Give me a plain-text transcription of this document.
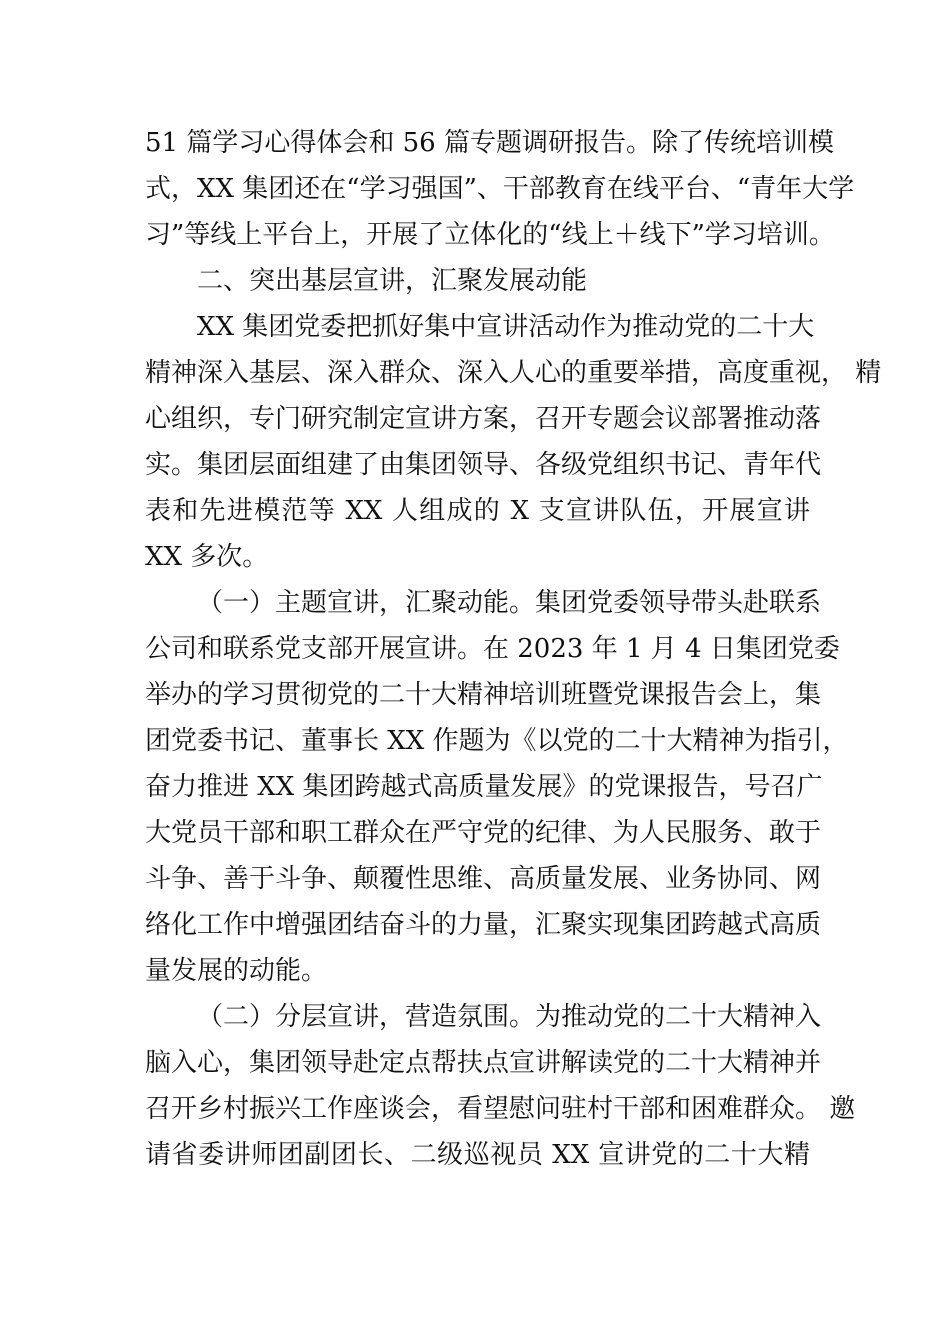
51 篇学习心得体会和 56 篇专题调研报告。除了传统培训模
式，XX 集团还在“学习强国”、干部教育在线平台、“青年大学
习”等线上平台上，开展了立体化的“线上＋线下”学习培训。
二、突出基层宣讲，汇聚发展动能
XX 集团党委把抓好集中宣讲活动作为推动党的二十大
精神深入基层、深入群众、深入人心的重要举措，高度重视， 精
心组织，专门研究制定宣讲方案，召开专题会议部署推动落
实。集团层面组建了由集团领导、各级党组织书记、青年代
表和先进模范等 XX 人组成的 X 支宣讲队伍，开展宣讲
XX 多次。
（一）主题宣讲，汇聚动能。集团党委领导带头赴联系
公司和联系党支部开展宣讲。在 2023 年 1 月 4 日集团党委
举办的学习贯彻党的二十大精神培训班暨党课报告会上，集
团党委书记、董事长 XX 作题为《以党的二十大精神为指引，
奋力推进 XX 集团跨越式高质量发展》的党课报告，号召广
大党员干部和职工群众在严守党的纪律、为人民服务、敢于
斗争、善于斗争、颠覆性思维、高质量发展、业务协同、网
络化工作中增强团结奋斗的力量，汇聚实现集团跨越式高质
量发展的动能。
（二）分层宣讲，营造氛围。为推动党的二十大精神入
脑入心，集团领导赴定点帮扶点宣讲解读党的二十大精神并
召开乡村振兴工作座谈会，看望慰问驻村干部和困难群众。 邀
请省委讲师团副团长、二级巡视员 XX 宣讲党的二十大精
